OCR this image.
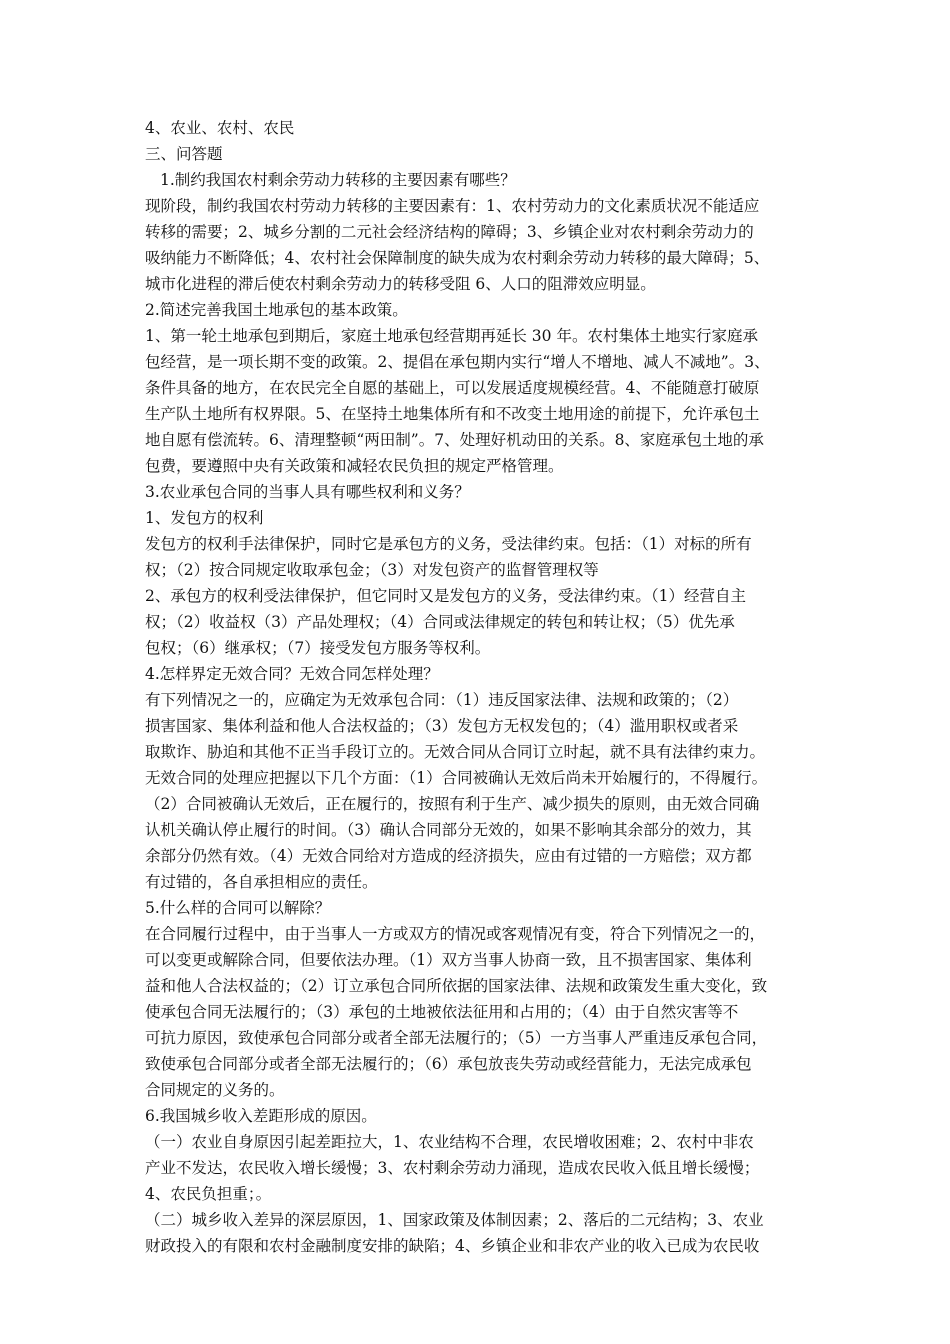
4、农业、农村、农民
三、问答题
1.制约我国农村剩余劳动力转移的主要因素有哪些？
现阶段，制约我国农村劳动力转移的主要因素有：1、农村劳动力的文化素质状况不能适应
转移的需要；2、城乡分割的二元社会经济结构的障碍；3、乡镇企业对农村剩余劳动力的
吸纳能力不断降低；4、农村社会保障制度的缺失成为农村剩余劳动力转移的最大障碍；5、
城市化进程的滞后使农村剩余劳动力的转移受阻 6、人口的阻滞效应明显。
2.简述完善我国土地承包的基本政策。
1、第一轮土地承包到期后，家庭土地承包经营期再延长 30 年。农村集体土地实行家庭承
包经营，是一项长期不变的政策。2、提倡在承包期内实行“增人不增地、减人不减地”。3、
条件具备的地方，在农民完全自愿的基础上，可以发展适度规模经营。4、不能随意打破原
生产队土地所有权界限。5、在坚持土地集体所有和不改变土地用途的前提下，允许承包土
地自愿有偿流转。6、清理整顿“两田制”。7、处理好机动田的关系。8、家庭承包土地的承
包费，要遵照中央有关政策和减轻农民负担的规定严格管理。
3.农业承包合同的当事人具有哪些权利和义务？
1、发包方的权利
发包方的权利手法律保护，同时它是承包方的义务，受法律约束。包括：（1）对标的所有
权；（2）按合同规定收取承包金；（3）对发包资产的监督管理权等
2、承包方的权利受法律保护，但它同时又是发包方的义务，受法律约束。（1）经营自主
权；（2）收益权（3）产品处理权；（4）合同或法律规定的转包和转让权；（5）优先承
包权；（6）继承权；（7）接受发包方服务等权利。
4.怎样界定无效合同？无效合同怎样处理？
有下列情况之一的，应确定为无效承包合同：（1）违反国家法律、法规和政策的；（2）
损害国家、集体利益和他人合法权益的；（3）发包方无权发包的；（4）滥用职权或者采
取欺诈、胁迫和其他不正当手段订立的。无效合同从合同订立时起，就不具有法律约束力。
无效合同的处理应把握以下几个方面：（1）合同被确认无效后尚未开始履行的，不得履行。
（2）合同被确认无效后，正在履行的，按照有利于生产、减少损失的原则，由无效合同确
认机关确认停止履行的时间。（3）确认合同部分无效的，如果不影响其余部分的效力，其
余部分仍然有效。（4）无效合同给对方造成的经济损失，应由有过错的一方赔偿；双方都
有过错的，各自承担相应的责任。
5.什么样的合同可以解除？
在合同履行过程中，由于当事人一方或双方的情况或客观情况有变，符合下列情况之一的，
可以变更或解除合同，但要依法办理。（1）双方当事人协商一致，且不损害国家、集体利
益和他人合法权益的；（2）订立承包合同所依据的国家法律、法规和政策发生重大变化，致
使承包合同无法履行的；（3）承包的土地被依法征用和占用的；（4）由于自然灾害等不
可抗力原因，致使承包合同部分或者全部无法履行的；（5）一方当事人严重违反承包合同，
致使承包合同部分或者全部无法履行的；（6）承包放丧失劳动或经营能力，无法完成承包
合同规定的义务的。
6.我国城乡收入差距形成的原因。
（一）农业自身原因引起差距拉大，1、农业结构不合理，农民增收困难；2、农村中非农
产业不发达，农民收入增长缓慢；3、农村剩余劳动力涌现，造成农民收入低且增长缓慢；
4、农民负担重；。
（二）城乡收入差异的深层原因，1、国家政策及体制因素；2、落后的二元结构；3、农业
财政投入的有限和农村金融制度安排的缺陷；4、乡镇企业和非农产业的收入已成为农民收
